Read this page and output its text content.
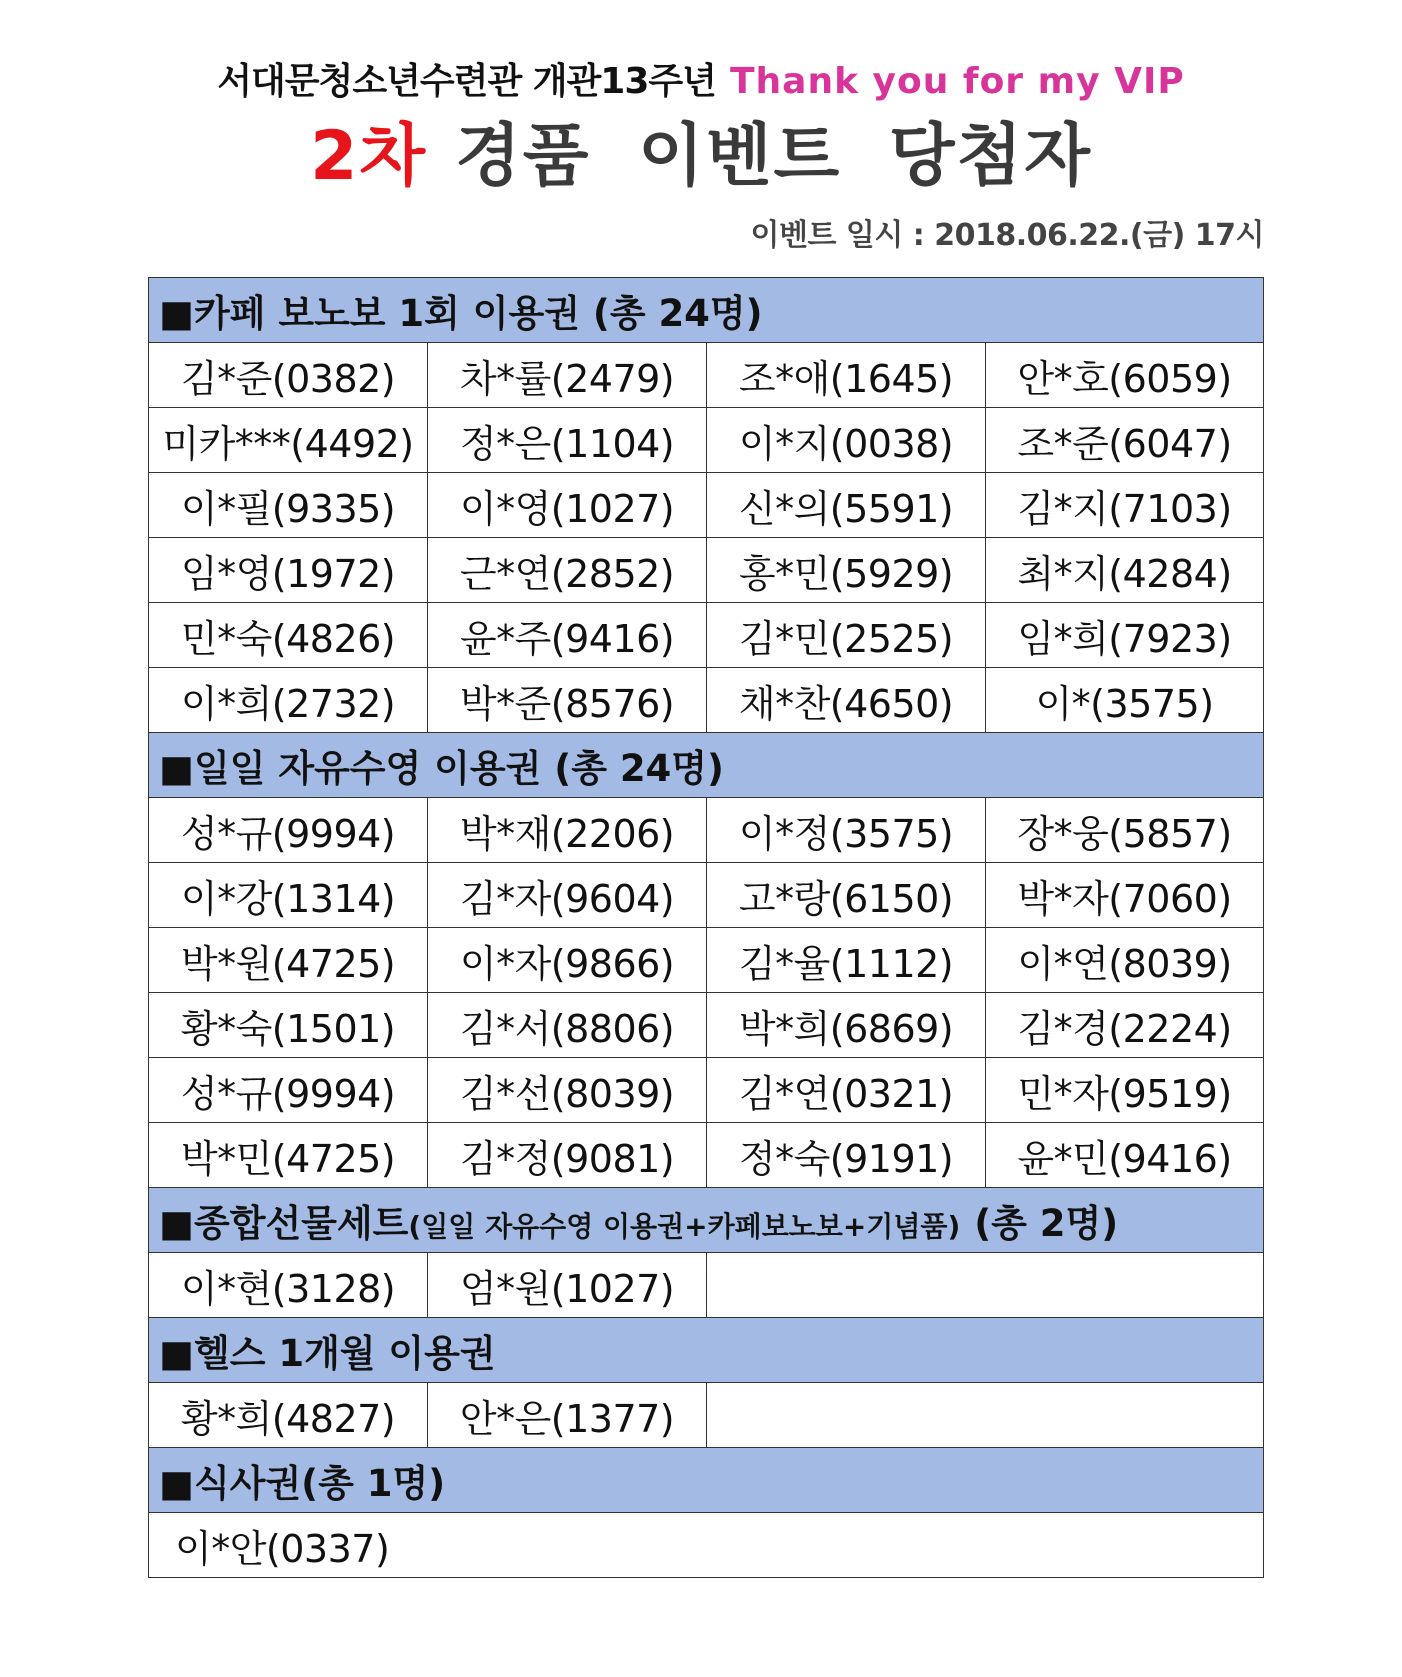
서대문청소년수련관 개관13주년 Thank you for my VIP
2차 경품 이벤트 당첨자
이벤트 일시 : 2018.06.22.(금) 17시
■카페 보노보 1회 이용권 (총 24명)			
김*준(0382)	차*률(2479)	조*애(1645)	안*호(6059)
미카***(4492)	정*은(1104)	이*지(0038)	조*준(6047)
이*필(9335)	이*영(1027)	신*의(5591)	김*지(7103)
임*영(1972)	근*연(2852)	홍*민(5929)	최*지(4284)
민*숙(4826)	윤*주(9416)	김*민(2525)	임*희(7923)
이*희(2732)	박*준(8576)	채*찬(4650)	이*(3575)
■일일 자유수영 이용권 (총 24명)			
성*규(9994)	박*재(2206)	이*정(3575)	장*웅(5857)
이*강(1314)	김*자(9604)	고*랑(6150)	박*자(7060)
박*원(4725)	이*자(9866)	김*율(1112)	이*연(8039)
황*숙(1501)	김*서(8806)	박*희(6869)	김*경(2224)
성*규(9994)	김*선(8039)	김*연(0321)	민*자(9519)
박*민(4725)	김*정(9081)	정*숙(9191)	윤*민(9416)
■종합선물세트(일일 자유수영 이용권+카페보노보+기념품) (총 2명)			
이*현(3128)	엄*원(1027)		
■헬스 1개월 이용권			
황*희(4827)	안*은(1377)		
■식사권(총 1명)			
이*안(0337)			
